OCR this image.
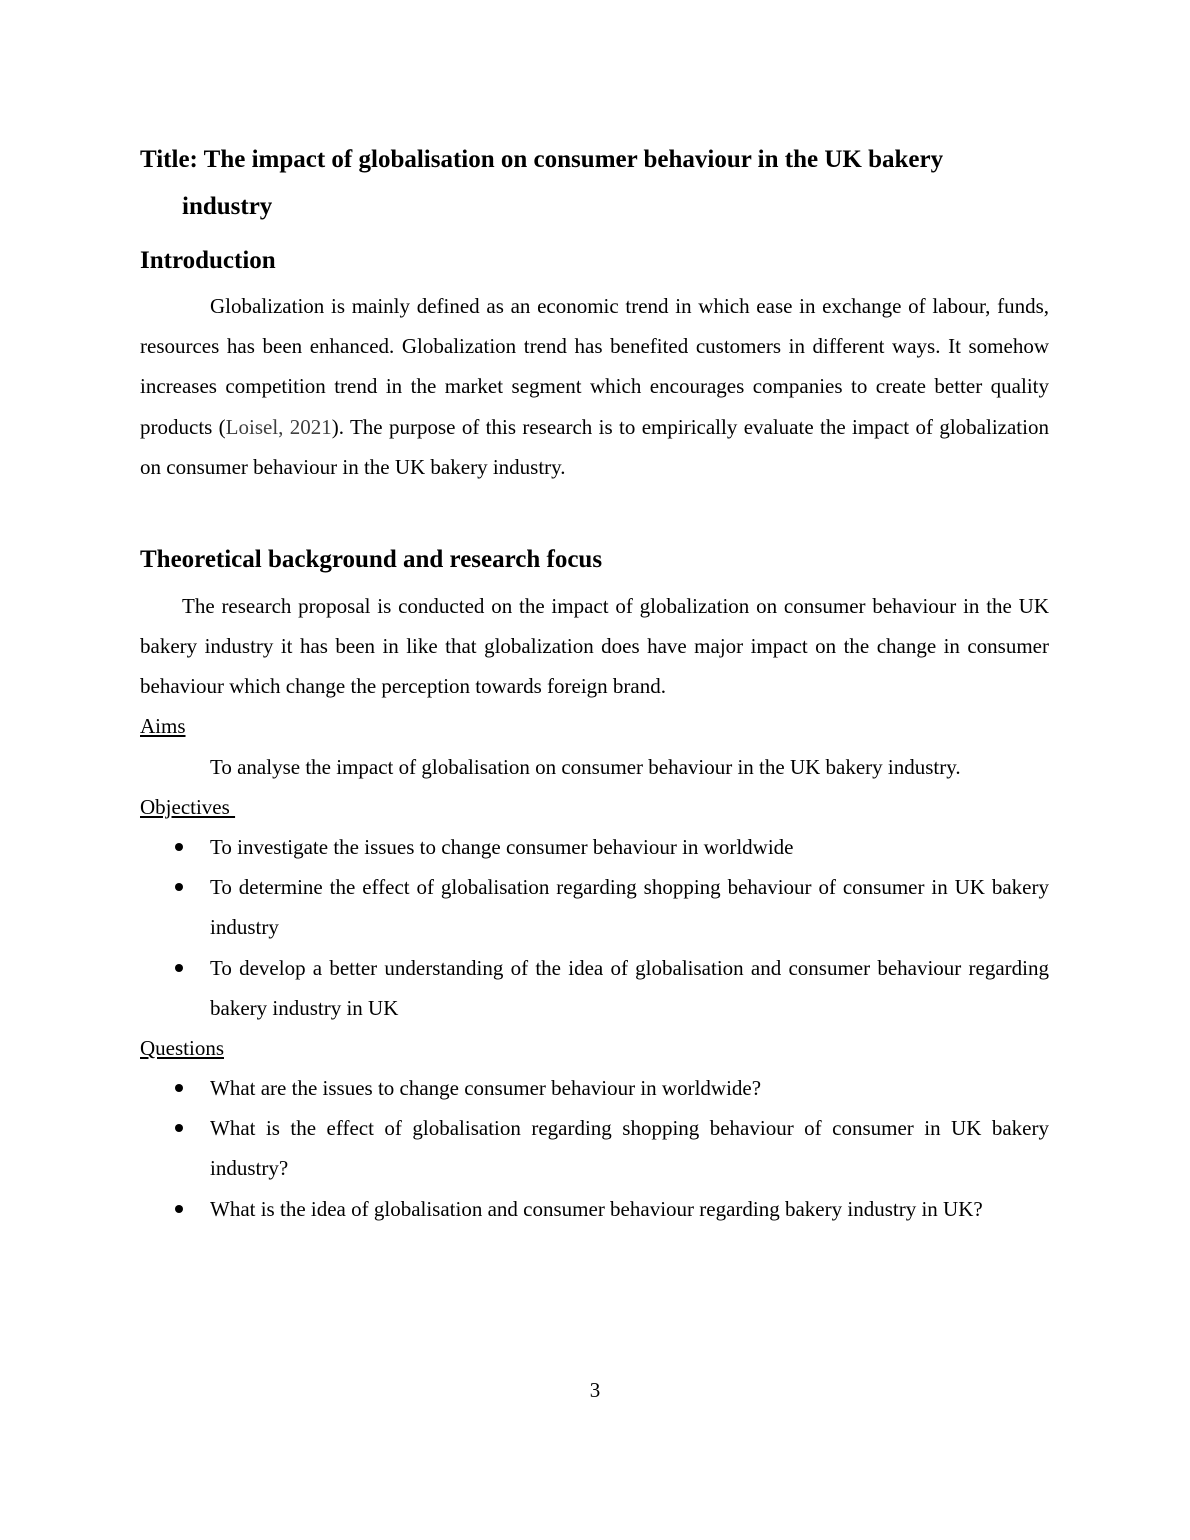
Title: The impact of globalisation on consumer behaviour in the UK bakery
industry
Introduction
Globalization is mainly defined as an economic trend in which ease in exchange of labour, funds, resources has been enhanced. Globalization trend has benefited customers in different ways. It somehow increases competition trend in the market segment which encourages companies to create better quality products (Loisel, 2021). The purpose of this research is to empirically evaluate the impact of globalization on consumer behaviour in the UK bakery industry.
Theoretical background and research focus
The research proposal is conducted on the impact of globalization on consumer behaviour in the UK bakery industry it has been in like that globalization does have major impact on the change in consumer behaviour which change the perception towards foreign brand.
Aims
To analyse the impact of globalisation on consumer behaviour in the UK bakery industry.
Objectives
To investigate the issues to change consumer behaviour in worldwide
To determine the effect of globalisation regarding shopping behaviour of consumer in UK bakery industry
To develop a better understanding of the idea of globalisation and consumer behaviour regarding bakery industry in UK
Questions
What are the issues to change consumer behaviour in worldwide?
What is the effect of globalisation regarding shopping behaviour of consumer in UK bakery industry?
What is the idea of globalisation and consumer behaviour regarding bakery industry in UK?
3
